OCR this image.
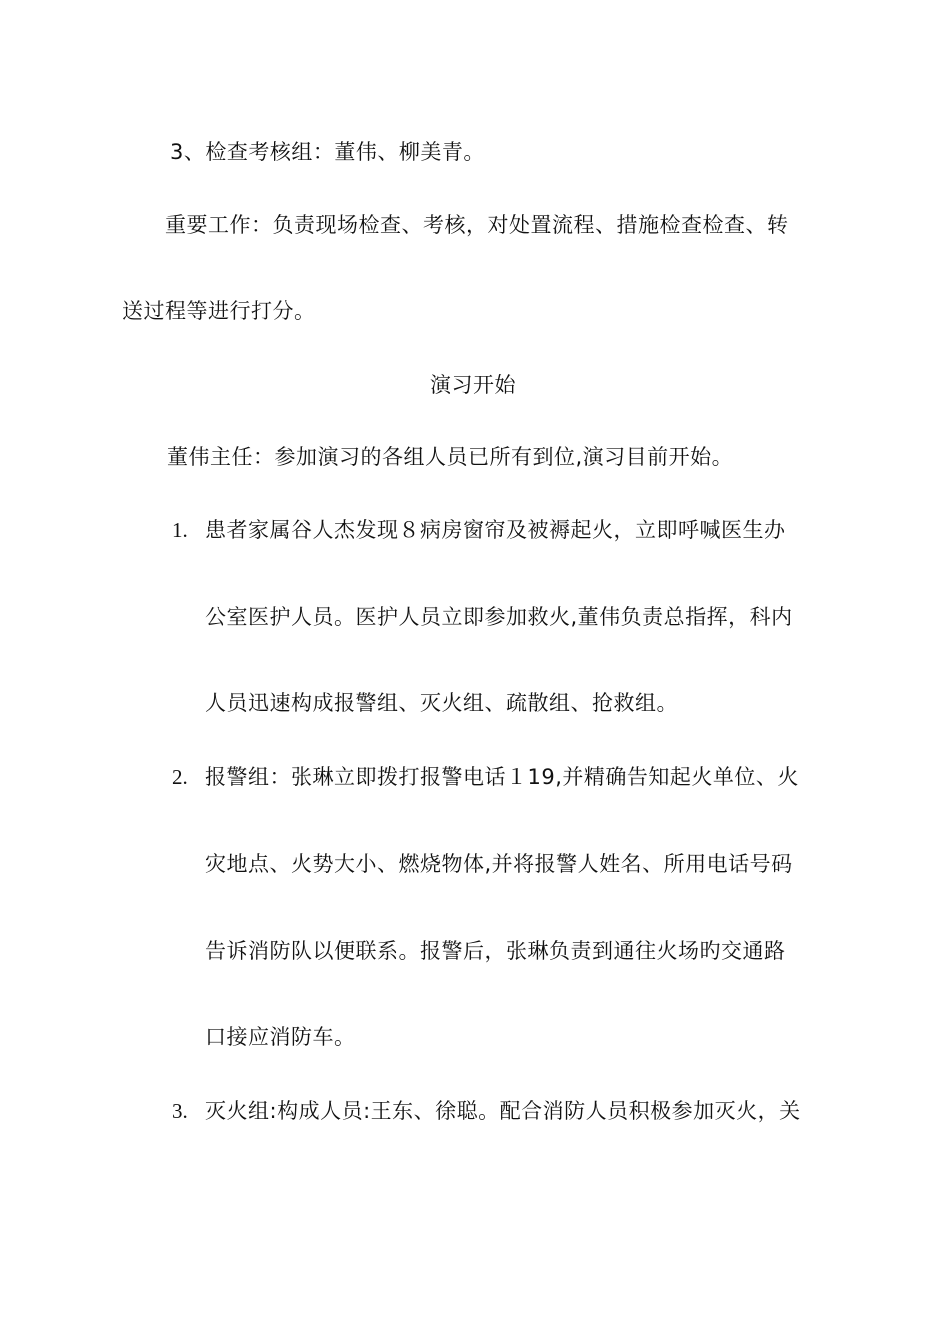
3、检查考核组：董伟、柳美青。
重要工作：负责现场检查、考核，对处置流程、措施检查检查、转
送过程等进行打分。
演习开始
董伟主任：参加演习的各组人员已所有到位,演习目前开始。
1. 患者家属谷人杰发现８病房窗帘及被褥起火，立即呼喊医生办
公室医护人员。医护人员立即参加救火,董伟负责总指挥，科内
人员迅速构成报警组、灭火组、疏散组、抢救组。
2. 报警组：张琳立即拨打报警电话１19,并精确告知起火单位、火
灾地点、火势大小、燃烧物体,并将报警人姓名、所用电话号码
告诉消防队以便联系。报警后，张琳负责到通往火场旳交通路
口接应消防车。
3. 灭火组:构成人员:王东、徐聪。配合消防人员积极参加灭火，关
